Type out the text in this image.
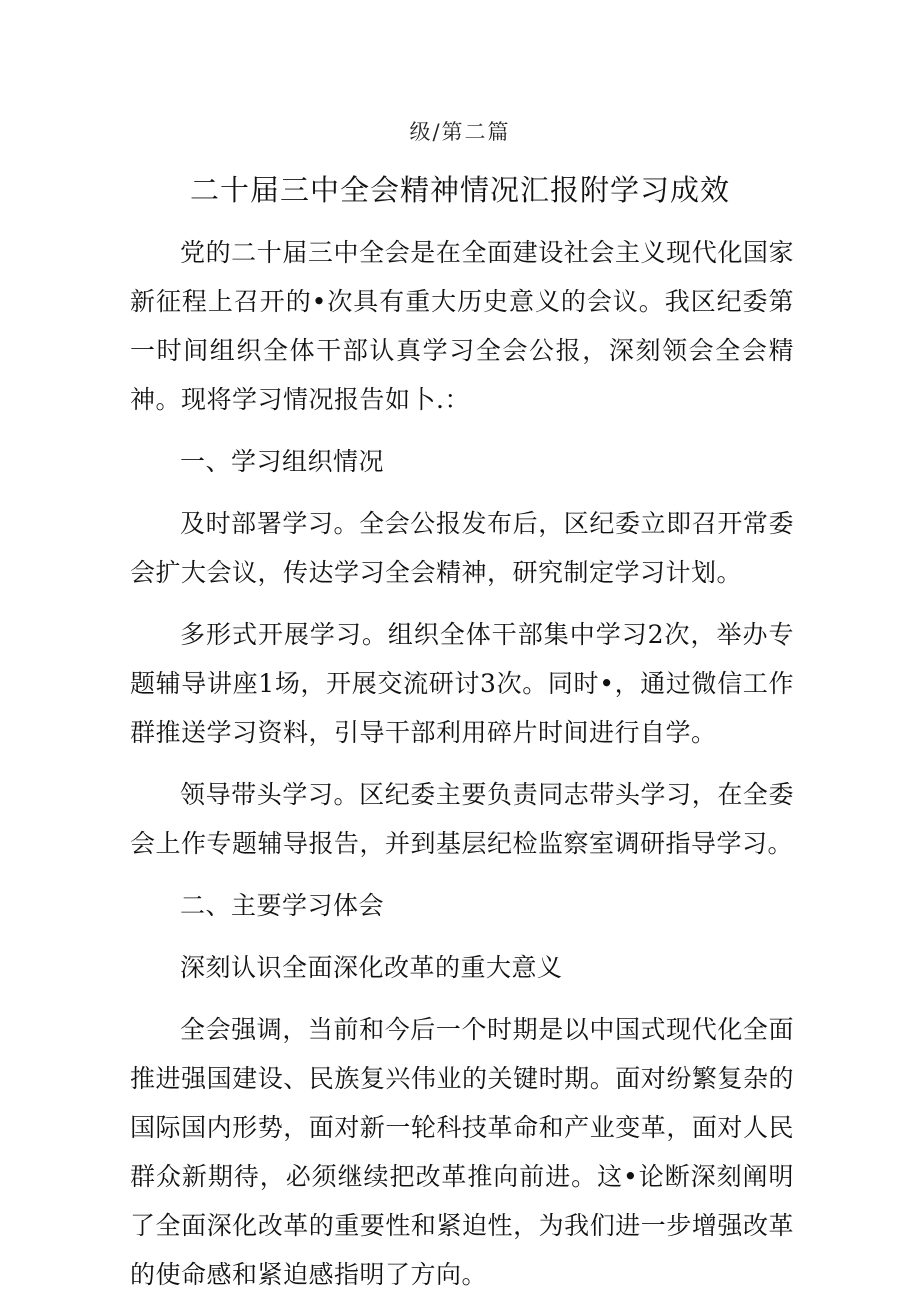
级/第二篇
二十届三中全会精神情况汇报附学习成效

党的二十届三中全会是在全面建设社会主义现代化国家新征程上召开的•次具有重大历史意义的会议。我区纪委第一时间组织全体干部认真学习全会公报，深刻领会全会精神。现将学习情况报告如卜.：

一、学习组织情况

及时部署学习。全会公报发布后，区纪委立即召开常委会扩大会议，传达学习全会精神，研究制定学习计划。

多形式开展学习。组织全体干部集中学习2次，举办专题辅导讲座1场，开展交流研讨3次。同时•，通过微信工作群推送学习资料，引导干部利用碎片时间进行自学。

领导带头学习。区纪委主要负责同志带头学习，在全委会上作专题辅导报告，并到基层纪检监察室调研指导学习。

二、主要学习体会

深刻认识全面深化改革的重大意义

全会强调，当前和今后一个时期是以中国式现代化全面推进强国建设、民族复兴伟业的关键时期。面对纷繁复杂的国际国内形势，面对新一轮科技革命和产业变革，面对人民群众新期待，必须继续把改革推向前进。这•论断深刻阐明了全面深化改革的重要性和紧迫性，为我们进一步增强改革的使命感和紧迫感指明了方向。
